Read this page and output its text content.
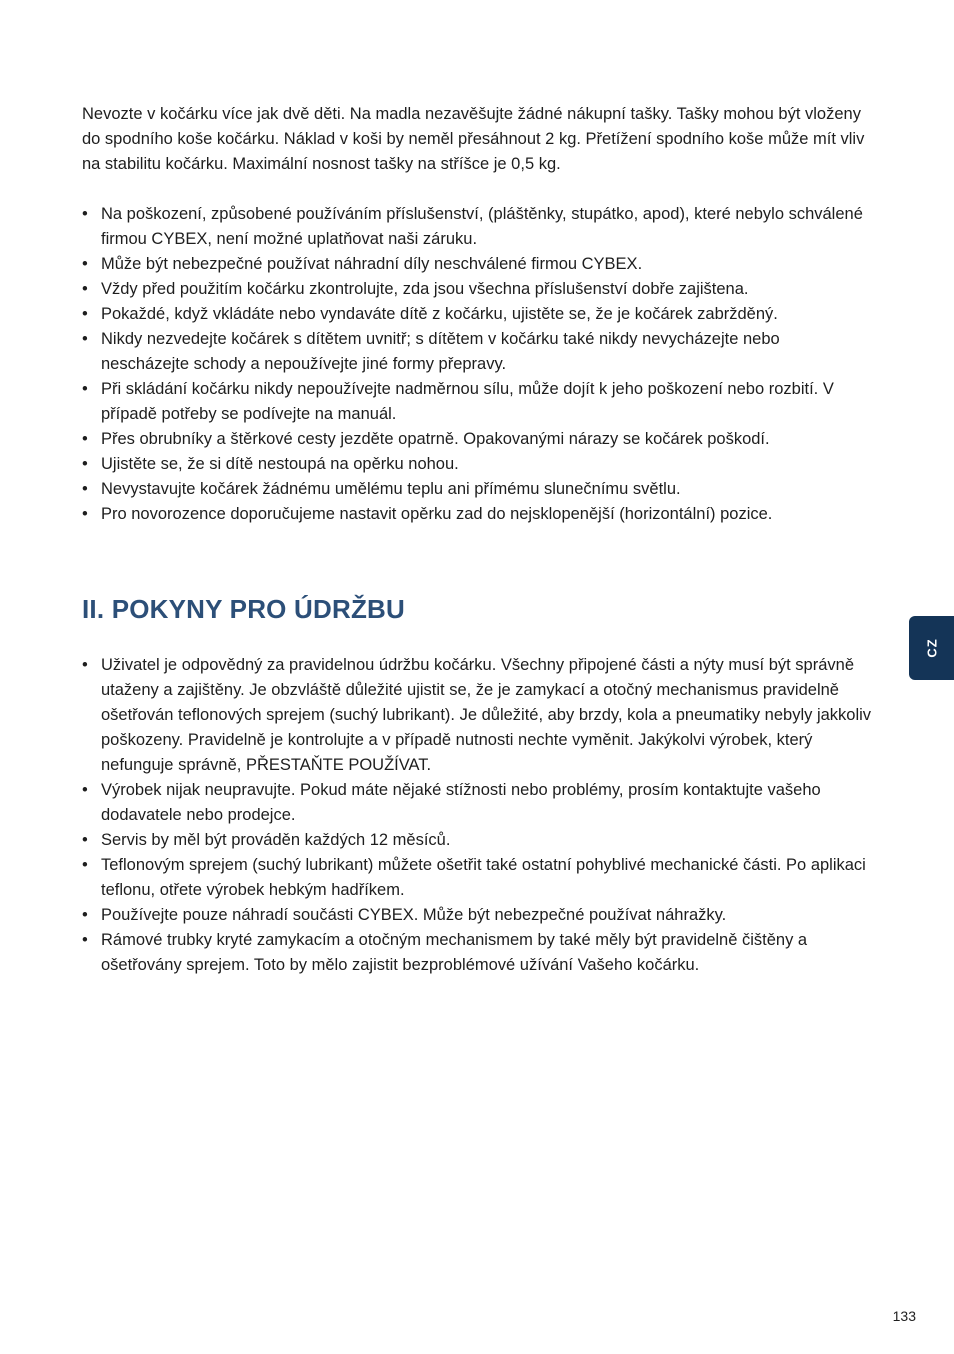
Nevozte v kočárku více jak dvě děti. Na madla nezavěšujte žádné nákupní tašky. Tašky mohou být vloženy do spodního koše kočárku. Náklad v koši by neměl přesáhnout 2 kg. Přetížení spodního koše může mít vliv na stabilitu kočárku. Maximální nosnost tašky na stříšce je 0,5 kg.

• Na poškození, způsobené používáním příslušenství, (pláštěnky, stupátko, apod), které nebylo schválené firmou CYBEX, není možné uplatňovat naši záruku.
• Může být nebezpečné používat náhradní díly neschválené firmou CYBEX.
• Vždy před použitím kočárku zkontrolujte, zda jsou všechna příslušenství dobře zajištena.
• Pokaždé, když vkládáte nebo vyndaváte dítě z kočárku, ujistěte se, že je kočárek zabržděný.
• Nikdy nezvedejte kočárek s dítětem uvnitř; s dítětem v kočárku také nikdy nevycházejte nebo nescházejte schody a nepoužívejte jiné formy přepravy.
• Při skládání kočárku nikdy nepoužívejte nadměrnou sílu, může dojít k jeho poškození nebo rozbití. V případě potřeby se podívejte na manuál.
• Přes obrubníky a štěrkové cesty jezděte opatrně. Opakovanými nárazy se kočárek poškodí.
• Ujistěte se, že si dítě nestoupá na opěrku nohou.
• Nevystavujte kočárek žádnému umělému teplu ani přímému slunečnímu světlu.
• Pro novorozence doporučujeme nastavit opěrku zad do nejsklopenější (horizontální) pozice.
II. POKYNY PRO ÚDRŽBU
• Uživatel je odpovědný za pravidelnou údržbu kočárku. Všechny připojené části a nýty musí být správně utaženy a zajištěny. Je obzvláště důležité ujistit se, že je zamykací a otočný mechanismus pravidelně ošetřován teflonových sprejem (suchý lubrikant). Je důležité, aby brzdy, kola a pneumatiky nebyly jakkoliv poškozeny. Pravidelně je kontrolujte a v případě nutnosti nechte vyměnit. Jakýkolvi výrobek, který nefunguje správně, PŘESTAŇTE POUŽÍVAT.
• Výrobek nijak neupravujte. Pokud máte nějaké stížnosti nebo problémy, prosím kontaktujte vašeho dodavatele nebo prodejce.
• Servis by měl být prováděn každých 12 měsíců.
• Teflonovým sprejem (suchý lubrikant) můžete ošetřit také ostatní pohyblivé mechanické části. Po aplikaci teflonu, otřete výrobek hebkým hadříkem.
• Používejte pouze náhradí součásti CYBEX. Může být nebezpečné používat náhražky.
• Rámové trubky kryté zamykacím a otočným mechanismem by také měly být pravidelně čištěny a ošetřovány sprejem. Toto by mělo zajistit bezproblémové užívání Vašeho kočárku.
CZ
133
